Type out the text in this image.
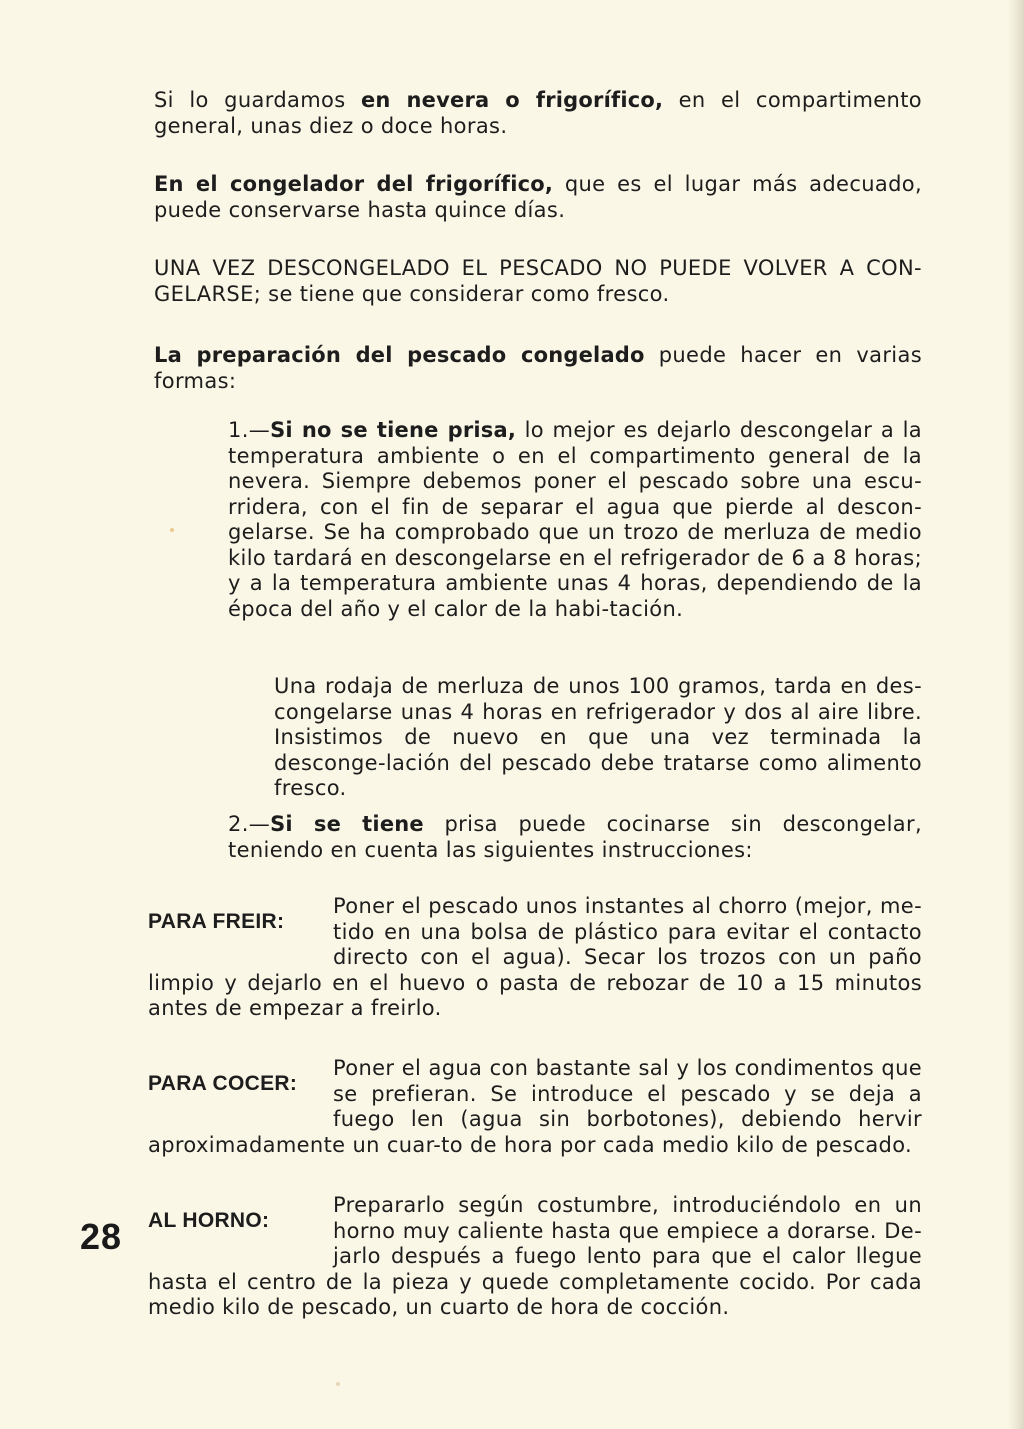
Si lo guardamos en nevera o frigorífico, en el compartimento general, unas diez o doce horas.

En el congelador del frigorífico, que es el lugar más adecuado, puede conservarse hasta quince días.

UNA VEZ DESCONGELADO EL PESCADO NO PUEDE VOLVER A CON-GELARSE; se tiene que considerar como fresco.

La preparación del pescado congelado puede hacer en varias formas:

1.—Si no se tiene prisa, lo mejor es dejarlo descongelar a la temperatura ambiente o en el compartimento general de la nevera. Siempre debemos poner el pescado sobre una escu-rridera, con el fin de separar el agua que pierde al descon-gelarse. Se ha comprobado que un trozo de merluza de medio kilo tardará en descongelarse en el refrigerador de 6 a 8 horas; y a la temperatura ambiente unas 4 horas, dependiendo de la época del año y el calor de la habi-tación.

Una rodaja de merluza de unos 100 gramos, tarda en des-congelarse unas 4 horas en refrigerador y dos al aire libre. Insistimos de nuevo en que una vez terminada la desconge-lación del pescado debe tratarse como alimento fresco.

2.—Si se tiene prisa puede cocinarse sin descongelar, teniendo en cuenta las siguientes instrucciones:

PARA FREIR:
Poner el pescado unos instantes al chorro (mejor, me-tido en una bolsa de plástico para evitar el contacto directo con el agua). Secar los trozos con un paño limpio y dejarlo en el huevo o pasta de rebozar de 10 a 15 minutos antes de empezar a freirlo.
PARA COCER:
Poner el agua con bastante sal y los condimentos que se prefieran. Se introduce el pescado y se deja a fuego len (agua sin borbotones), debiendo hervir aproximadamente un cuar-to de hora por cada medio kilo de pescado.
AL HORNO:
Prepararlo según costumbre, introduciéndolo en un horno muy caliente hasta que empiece a dorarse. De-jarlo después a fuego lento para que el calor llegue hasta el centro de la pieza y quede completamente cocido. Por cada medio kilo de pescado, un cuarto de hora de cocción.
28
